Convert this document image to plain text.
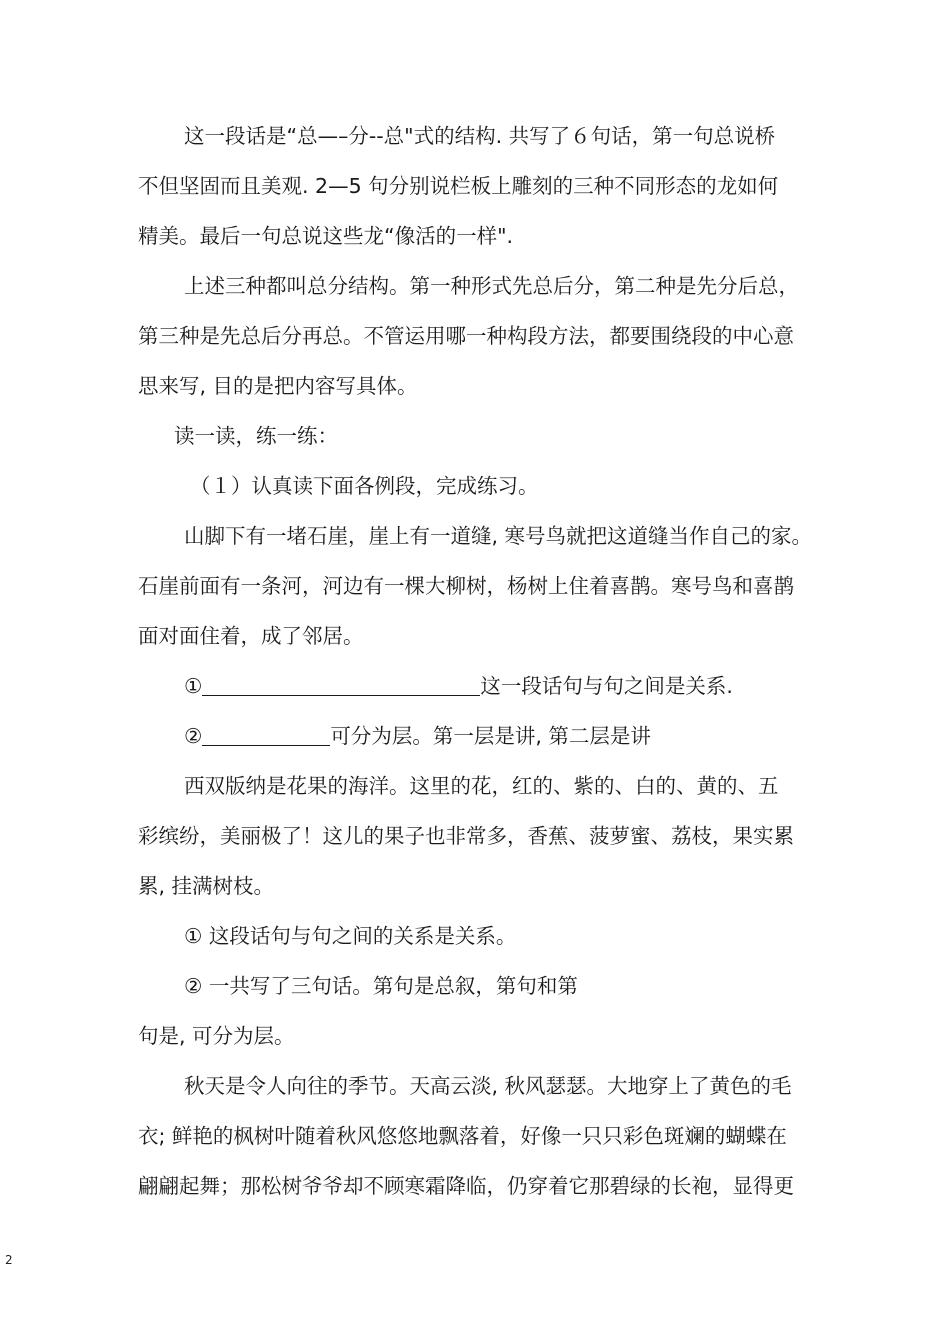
这一段话是“总—–分--总"式的结构. 共写了６句话，第一句总说桥
不但坚固而且美观. 2—5 句分别说栏板上雕刻的三种不同形态的龙如何
精美。最后一句总说这些龙“像活的一样".
上述三种都叫总分结构。第一种形式先总后分，第二种是先分后总，
第三种是先总后分再总。不管运用哪一种构段方法，都要围绕段的中心意
思来写, 目的是把内容写具体。
读一读，练一练：
（１）认真读下面各例段，完成练习。
山脚下有一堵石崖，崖上有一道缝, 寒号鸟就把这道缝当作自己的家。
石崖前面有一条河，河边有一棵大柳树，杨树上住着喜鹊。寒号鸟和喜鹊
面对面住着，成了邻居。
①	这一段话句与句之间是关系.
②	可分为层。第一层是讲, 第二层是讲
西双版纳是花果的海洋。这里的花，红的、紫的、白的、黄的、五
彩缤纷，美丽极了！这儿的果子也非常多，香蕉、菠萝蜜、荔枝，果实累
累, 挂满树枝。
① 这段话句与句之间的关系是关系。
② 一共写了三句话。第句是总叙，第句和第
句是, 可分为层。
秋天是令人向往的季节。天高云淡, 秋风瑟瑟。大地穿上了黄色的毛
衣; 鲜艳的枫树叶随着秋风悠悠地飘落着，好像一只只彩色斑斓的蝴蝶在
翩翩起舞；那松树爷爷却不顾寒霜降临，仍穿着它那碧绿的长袍，显得更
2
